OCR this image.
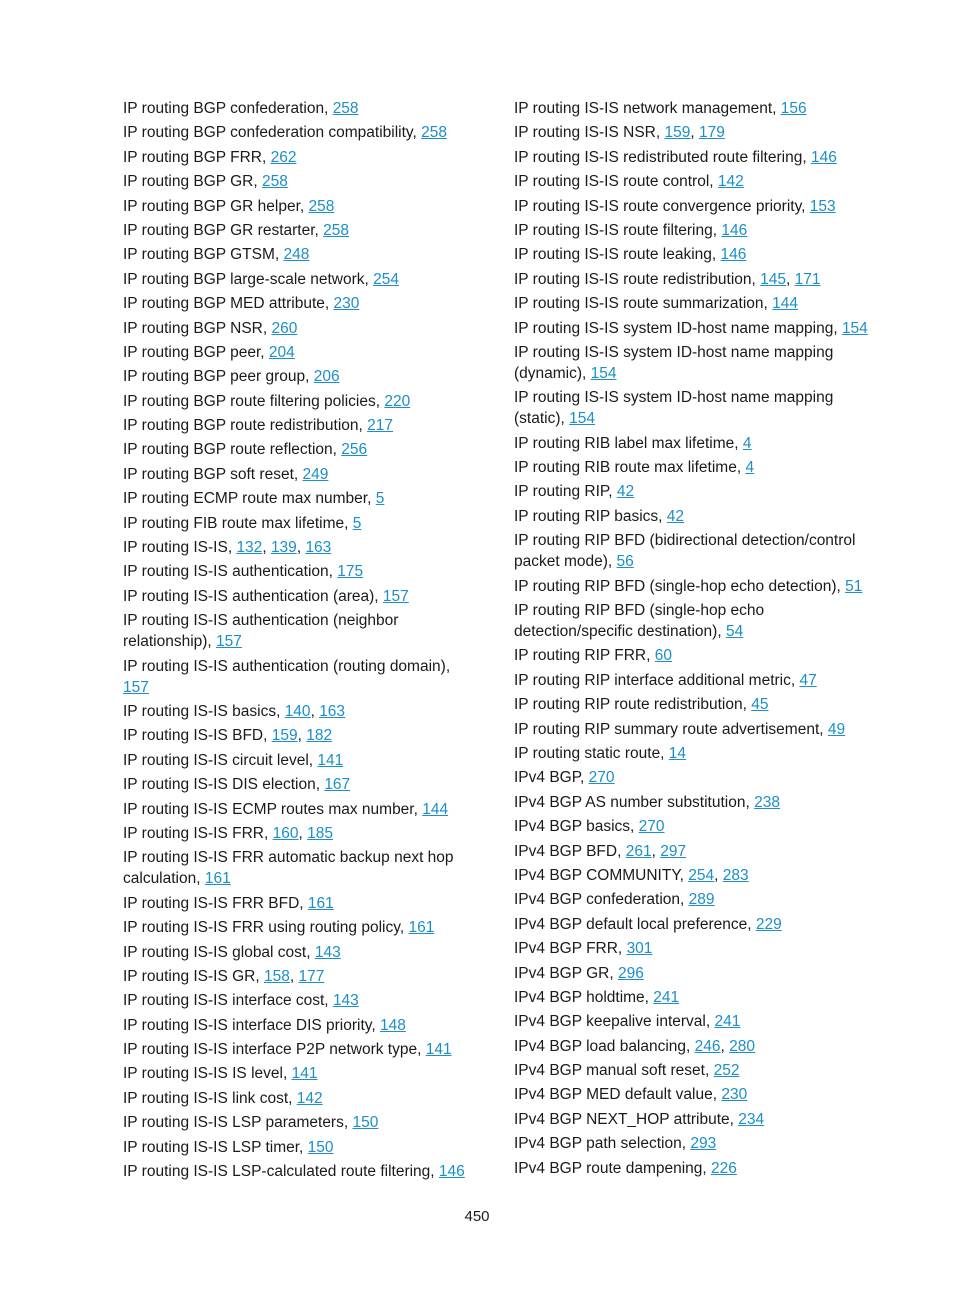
IP routing BGP confederation, 258
IP routing BGP confederation compatibility, 258
IP routing BGP FRR, 262
IP routing BGP GR, 258
IP routing BGP GR helper, 258
IP routing BGP GR restarter, 258
IP routing BGP GTSM, 248
IP routing BGP large-scale network, 254
IP routing BGP MED attribute, 230
IP routing BGP NSR, 260
IP routing BGP peer, 204
IP routing BGP peer group, 206
IP routing BGP route filtering policies, 220
IP routing BGP route redistribution, 217
IP routing BGP route reflection, 256
IP routing BGP soft reset, 249
IP routing ECMP route max number, 5
IP routing FIB route max lifetime, 5
IP routing IS-IS, 132, 139, 163
IP routing IS-IS authentication, 175
IP routing IS-IS authentication (area), 157
IP routing IS-IS authentication (neighbor relationship), 157
IP routing IS-IS authentication (routing domain), 157
IP routing IS-IS basics, 140, 163
IP routing IS-IS BFD, 159, 182
IP routing IS-IS circuit level, 141
IP routing IS-IS DIS election, 167
IP routing IS-IS ECMP routes max number, 144
IP routing IS-IS FRR, 160, 185
IP routing IS-IS FRR automatic backup next hop calculation, 161
IP routing IS-IS FRR BFD, 161
IP routing IS-IS FRR using routing policy, 161
IP routing IS-IS global cost, 143
IP routing IS-IS GR, 158, 177
IP routing IS-IS interface cost, 143
IP routing IS-IS interface DIS priority, 148
IP routing IS-IS interface P2P network type, 141
IP routing IS-IS IS level, 141
IP routing IS-IS link cost, 142
IP routing IS-IS LSP parameters, 150
IP routing IS-IS LSP timer, 150
IP routing IS-IS LSP-calculated route filtering, 146
IP routing IS-IS network management, 156
IP routing IS-IS NSR, 159, 179
IP routing IS-IS redistributed route filtering, 146
IP routing IS-IS route control, 142
IP routing IS-IS route convergence priority, 153
IP routing IS-IS route filtering, 146
IP routing IS-IS route leaking, 146
IP routing IS-IS route redistribution, 145, 171
IP routing IS-IS route summarization, 144
IP routing IS-IS system ID-host name mapping, 154
IP routing IS-IS system ID-host name mapping (dynamic), 154
IP routing IS-IS system ID-host name mapping (static), 154
IP routing RIB label max lifetime, 4
IP routing RIB route max lifetime, 4
IP routing RIP, 42
IP routing RIP basics, 42
IP routing RIP BFD (bidirectional detection/control packet mode), 56
IP routing RIP BFD (single-hop echo detection), 51
IP routing RIP BFD (single-hop echo detection/specific destination), 54
IP routing RIP FRR, 60
IP routing RIP interface additional metric, 47
IP routing RIP route redistribution, 45
IP routing RIP summary route advertisement, 49
IP routing static route, 14
IPv4 BGP, 270
IPv4 BGP AS number substitution, 238
IPv4 BGP basics, 270
IPv4 BGP BFD, 261, 297
IPv4 BGP COMMUNITY, 254, 283
IPv4 BGP confederation, 289
IPv4 BGP default local preference, 229
IPv4 BGP FRR, 301
IPv4 BGP GR, 296
IPv4 BGP holdtime, 241
IPv4 BGP keepalive interval, 241
IPv4 BGP load balancing, 246, 280
IPv4 BGP manual soft reset, 252
IPv4 BGP MED default value, 230
IPv4 BGP NEXT_HOP attribute, 234
IPv4 BGP path selection, 293
IPv4 BGP route dampening, 226
450
